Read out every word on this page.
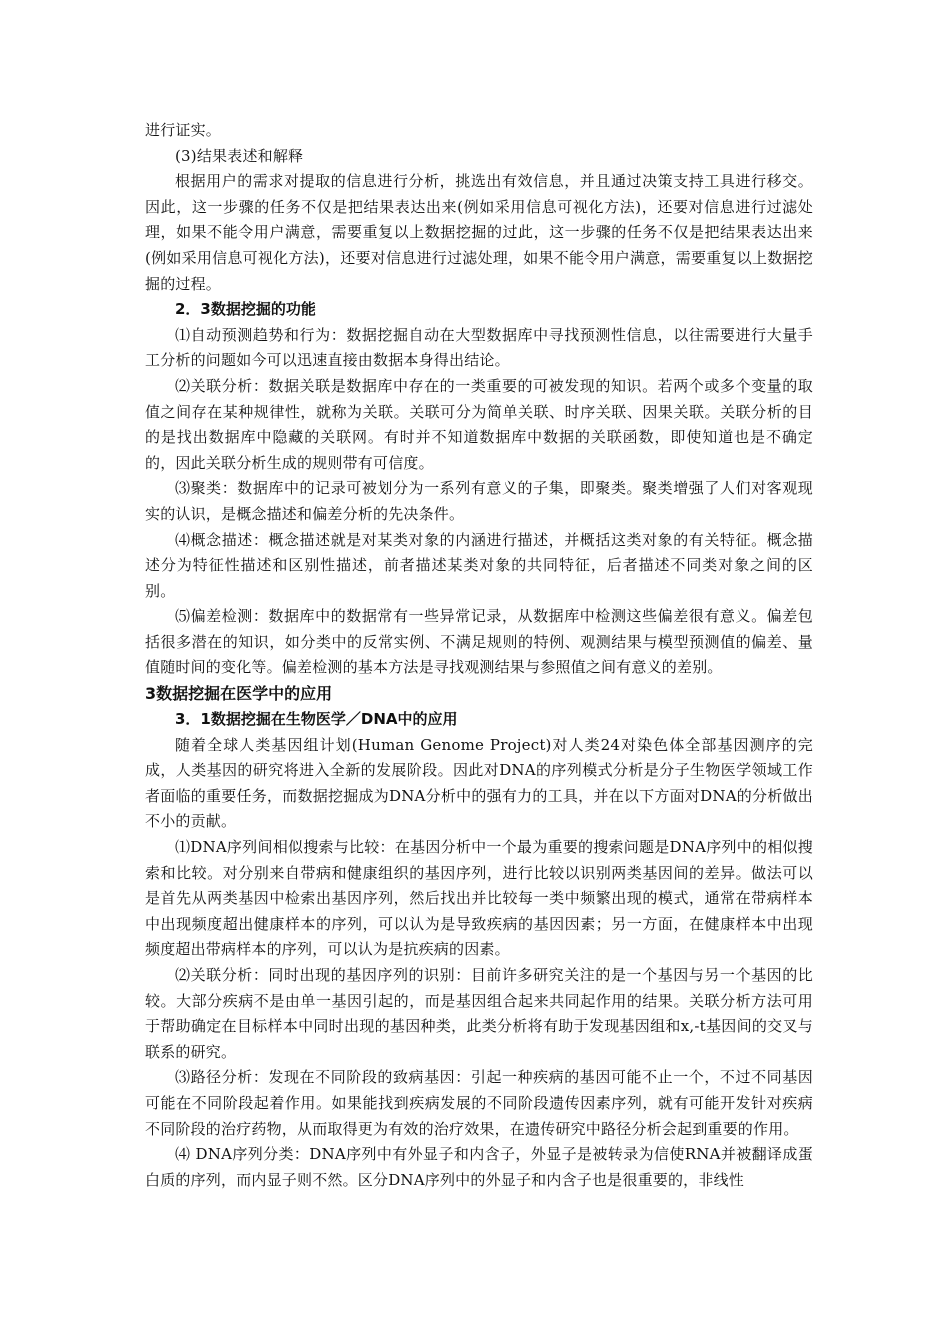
进行证实。

(3)结果表述和解释

根据用户的需求对提取的信息进行分析，挑选出有效信息，并且通过决策支持工具进行移交。因此，这一步骤的任务不仅是把结果表达出来(例如采用信息可视化方法)，还要对信息进行过滤处理，如果不能令用户满意，需要重复以上数据挖掘的过此，这一步骤的任务不仅是把结果表达出来(例如采用信息可视化方法)，还要对信息进行过滤处理，如果不能令用户满意，需要重复以上数据挖掘的过程。

2．3数据挖掘的功能

⑴自动预测趋势和行为：数据挖掘自动在大型数据库中寻找预测性信息，以往需要进行大量手工分析的问题如今可以迅速直接由数据本身得出结论。

⑵关联分析：数据关联是数据库中存在的一类重要的可被发现的知识。若两个或多个变量的取值之间存在某种规律性，就称为关联。关联可分为简单关联、时序关联、因果关联。关联分析的目的是找出数据库中隐藏的关联网。有时并不知道数据库中数据的关联函数，即使知道也是不确定的，因此关联分析生成的规则带有可信度。

⑶聚类：数据库中的记录可被划分为一系列有意义的子集，即聚类。聚类增强了人们对客观现实的认识，是概念描述和偏差分析的先决条件。

⑷概念描述：概念描述就是对某类对象的内涵进行描述，并概括这类对象的有关特征。概念描述分为特征性描述和区别性描述，前者描述某类对象的共同特征，后者描述不同类对象之间的区别。

⑸偏差检测：数据库中的数据常有一些异常记录，从数据库中检测这些偏差很有意义。偏差包括很多潜在的知识，如分类中的反常实例、不满足规则的特例、观测结果与模型预测值的偏差、量值随时间的变化等。偏差检测的基本方法是寻找观测结果与参照值之间有意义的差别。

3数据挖掘在医学中的应用

3．1数据挖掘在生物医学／DNA中的应用

随着全球人类基因组计划(Human Genome Project)对人类24对染色体全部基因测序的完成，人类基因的研究将进入全新的发展阶段。因此对DNA的序列模式分析是分子生物医学领域工作者面临的重要任务，而数据挖掘成为DNA分析中的强有力的工具，并在以下方面对DNA的分析做出不小的贡献。

⑴DNA序列间相似搜索与比较：在基因分析中一个最为重要的搜索问题是DNA序列中的相似搜索和比较。对分别来自带病和健康组织的基因序列，进行比较以识别两类基因间的差异。做法可以是首先从两类基因中检索出基因序列，然后找出并比较每一类中频繁出现的模式，通常在带病样本中出现频度超出健康样本的序列，可以认为是导致疾病的基因因素；另一方面，在健康样本中出现频度超出带病样本的序列，可以认为是抗疾病的因素。

⑵关联分析：同时出现的基因序列的识别：目前许多研究关注的是一个基因与另一个基因的比较。大部分疾病不是由单一基因引起的，而是基因组合起来共同起作用的结果。关联分析方法可用于帮助确定在目标样本中同时出现的基因种类，此类分析将有助于发现基因组和x,-t基因间的交叉与联系的研究。

⑶路径分析：发现在不同阶段的致病基因：引起一种疾病的基因可能不止一个，不过不同基因可能在不同阶段起着作用。如果能找到疾病发展的不同阶段遗传因素序列，就有可能开发针对疾病不同阶段的治疗药物，从而取得更为有效的治疗效果，在遗传研究中路径分析会起到重要的作用。

⑷ DNA序列分类：DNA序列中有外显子和内含子，外显子是被转录为信使RNA并被翻译成蛋白质的序列，而内显子则不然。区分DNA序列中的外显子和内含子也是很重要的，非线性
